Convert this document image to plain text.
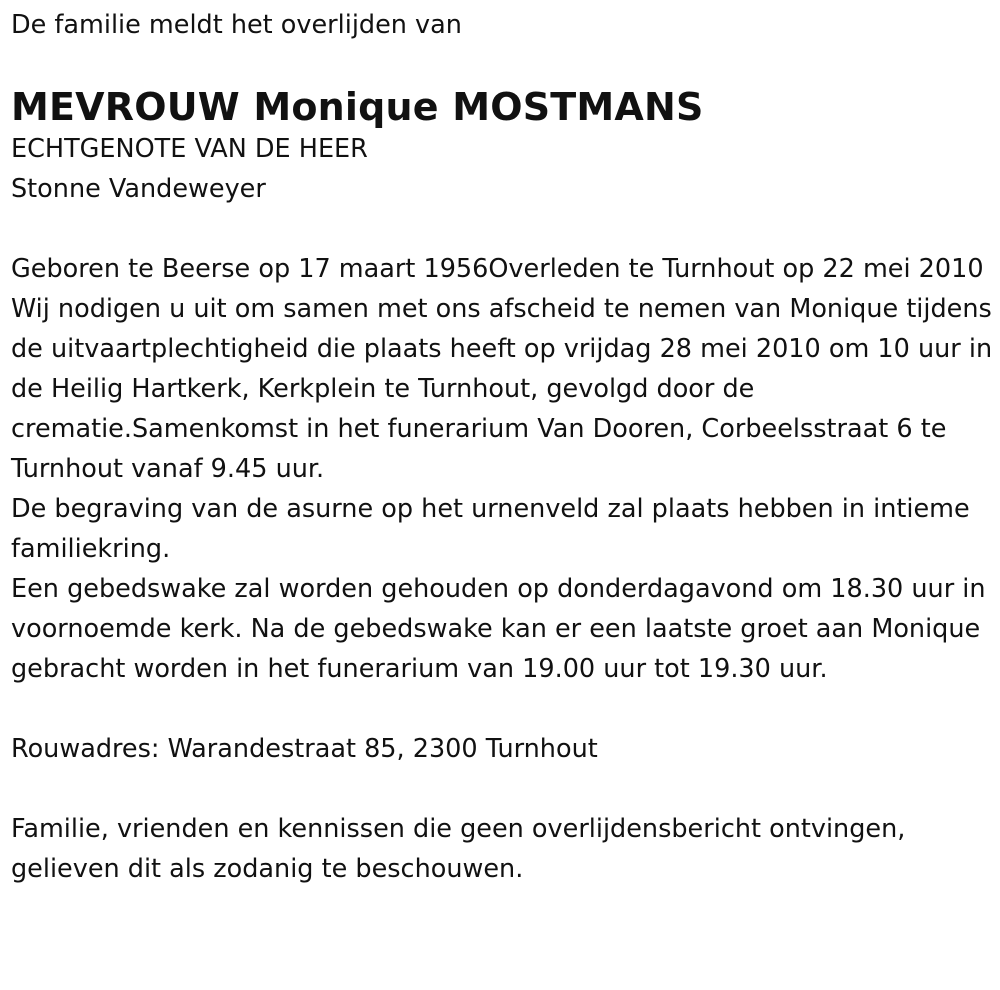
De familie meldt het overlijden van
MEVROUW Monique MOSTMANS
ECHTGENOTE VAN DE HEER
Stonne Vandeweyer
Geboren te Beerse op 17 maart 1956Overleden te Turnhout op 22 mei 2010
Wij nodigen u uit om samen met ons afscheid te nemen van Monique tijdens de uitvaartplechtigheid die plaats heeft op vrijdag 28 mei 2010 om 10 uur in de Heilig Hartkerk, Kerkplein te Turnhout, gevolgd door de crematie.Samenkomst in het funerarium Van Dooren, Corbeelsstraat 6 te Turnhout vanaf 9.45 uur.
De begraving van de asurne op het urnenveld zal plaats hebben in intieme familiekring.
Een gebedswake zal worden gehouden op donderdagavond om 18.30 uur in voornoemde kerk. Na de gebedswake kan er een laatste groet aan Monique gebracht worden in het funerarium van 19.00 uur tot 19.30 uur.
Rouwadres: Warandestraat 85, 2300 Turnhout
Familie, vrienden en kennissen die geen overlijdensbericht ontvingen, gelieven dit als zodanig te beschouwen.
